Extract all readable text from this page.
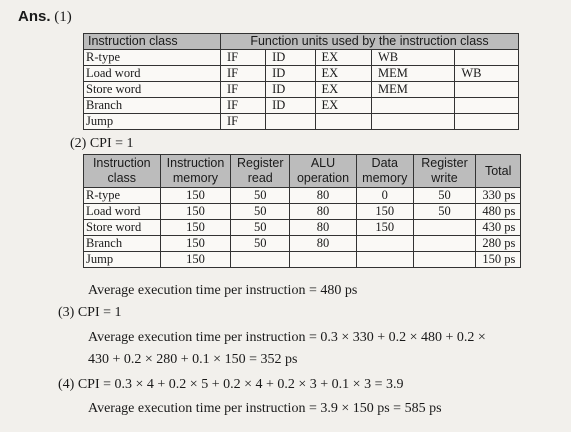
Ans. (1)
Instruction class	Function units used by the instruction class				
R-type	IF	ID	EX	WB	
Load word	IF	ID	EX	MEM	WB
Store word	IF	ID	EX	MEM	
Branch	IF	ID	EX		
Jump	IF				
(2) CPI = 1
Instruction class	Instruction memory	Register read	ALU operation	Data memory	Register write	Total
R-type	150	50	80	0	50	330 ps
Load word	150	50	80	150	50	480 ps
Store word	150	50	80	150		430 ps
Branch	150	50	80			280 ps
Jump	150					150 ps
Average execution time per instruction = 480 ps
(3) CPI = 1
Average execution time per instruction = 0.3 × 330 + 0.2 × 480 + 0.2 ×
430 + 0.2 × 280 + 0.1 × 150 = 352 ps
(4) CPI = 0.3 × 4 + 0.2 × 5 + 0.2 × 4 + 0.2 × 3 + 0.1 × 3 = 3.9
Average execution time per instruction = 3.9 × 150 ps = 585 ps
